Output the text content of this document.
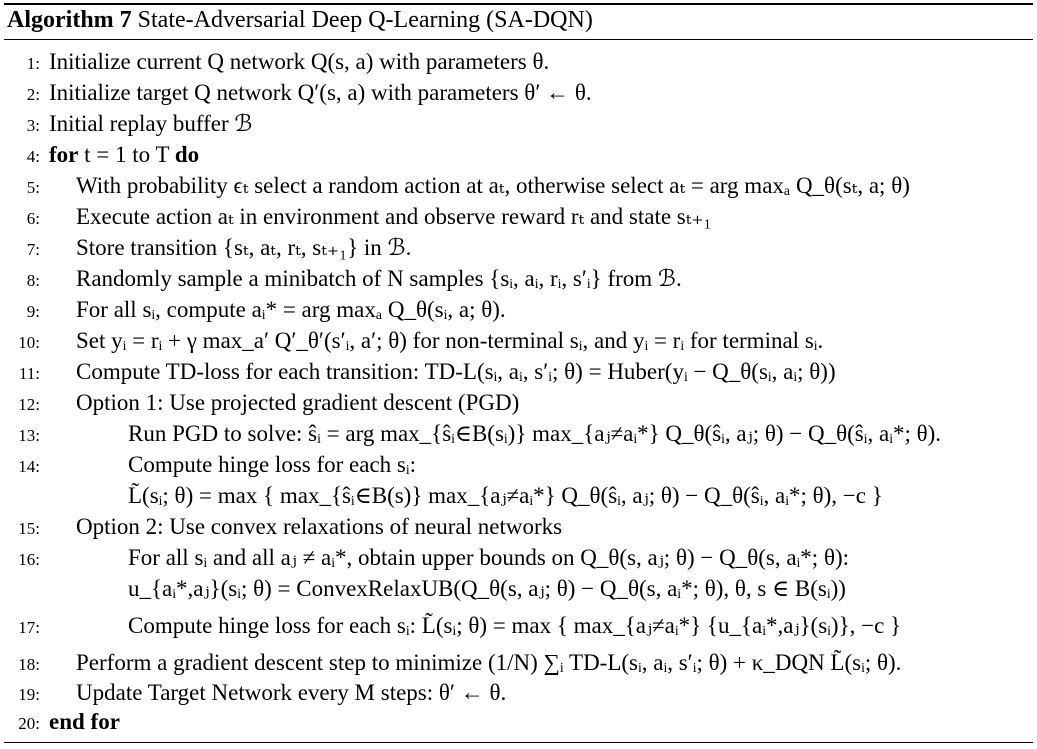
Algorithm 7 State-Adversarial Deep Q-Learning (SA-DQN)
1: Initialize current Q network Q(s, a) with parameters θ.
2: Initialize target Q network Q′(s, a) with parameters θ′ ← θ.
3: Initial replay buffer ℬ
4: for t = 1 to T do
5: With probability ϵₜ select a random action at aₜ, otherwise select aₜ = arg maxₐ Q_θ(sₜ, a; θ)
6: Execute action aₜ in environment and observe reward rₜ and state sₜ₊₁
7: Store transition {sₜ, aₜ, rₜ, sₜ₊₁} in ℬ.
8: Randomly sample a minibatch of N samples {sᵢ, aᵢ, rᵢ, s′ᵢ} from ℬ.
9: For all sᵢ, compute aᵢ* = arg maxₐ Q_θ(sᵢ, a; θ).
10: Set yᵢ = rᵢ + γ max_a′ Q′_θ′(s′ᵢ, a′; θ) for non-terminal sᵢ, and yᵢ = rᵢ for terminal sᵢ.
11: Compute TD-loss for each transition: TD-L(sᵢ, aᵢ, s′ᵢ; θ) = Huber(yᵢ − Q_θ(sᵢ, aᵢ; θ))
12: Option 1: Use projected gradient descent (PGD)
13:	Run PGD to solve: ŝᵢ = arg max_{ŝᵢ∈B(sᵢ)} max_{aⱼ≠aᵢ*} Q_θ(ŝᵢ, aⱼ; θ) − Q_θ(ŝᵢ, aᵢ*; θ).
14:	Compute hinge loss for each sᵢ:
L̃(sᵢ; θ) = max { max_{ŝᵢ∈B(s)} max_{aⱼ≠aᵢ*} Q_θ(ŝᵢ, aⱼ; θ) − Q_θ(ŝᵢ, aᵢ*; θ), −c }
15: Option 2: Use convex relaxations of neural networks
16:	For all sᵢ and all aⱼ ≠ aᵢ*, obtain upper bounds on Q_θ(s, aⱼ; θ) − Q_θ(s, aᵢ*; θ):
u_{aᵢ*,aⱼ}(sᵢ; θ) = ConvexRelaxUB(Q_θ(s, aⱼ; θ) − Q_θ(s, aᵢ*; θ), θ, s ∈ B(sᵢ))
17:	Compute hinge loss for each sᵢ: L̃(sᵢ; θ) = max { max_{aⱼ≠aᵢ*} {u_{aᵢ*,aⱼ}(sᵢ)}, −c }
18: Perform a gradient descent step to minimize (1/N) ∑ᵢ TD-L(sᵢ, aᵢ, s′ᵢ; θ) + κ_DQN L̃(sᵢ; θ).
19: Update Target Network every M steps: θ′ ← θ.
20: end for
